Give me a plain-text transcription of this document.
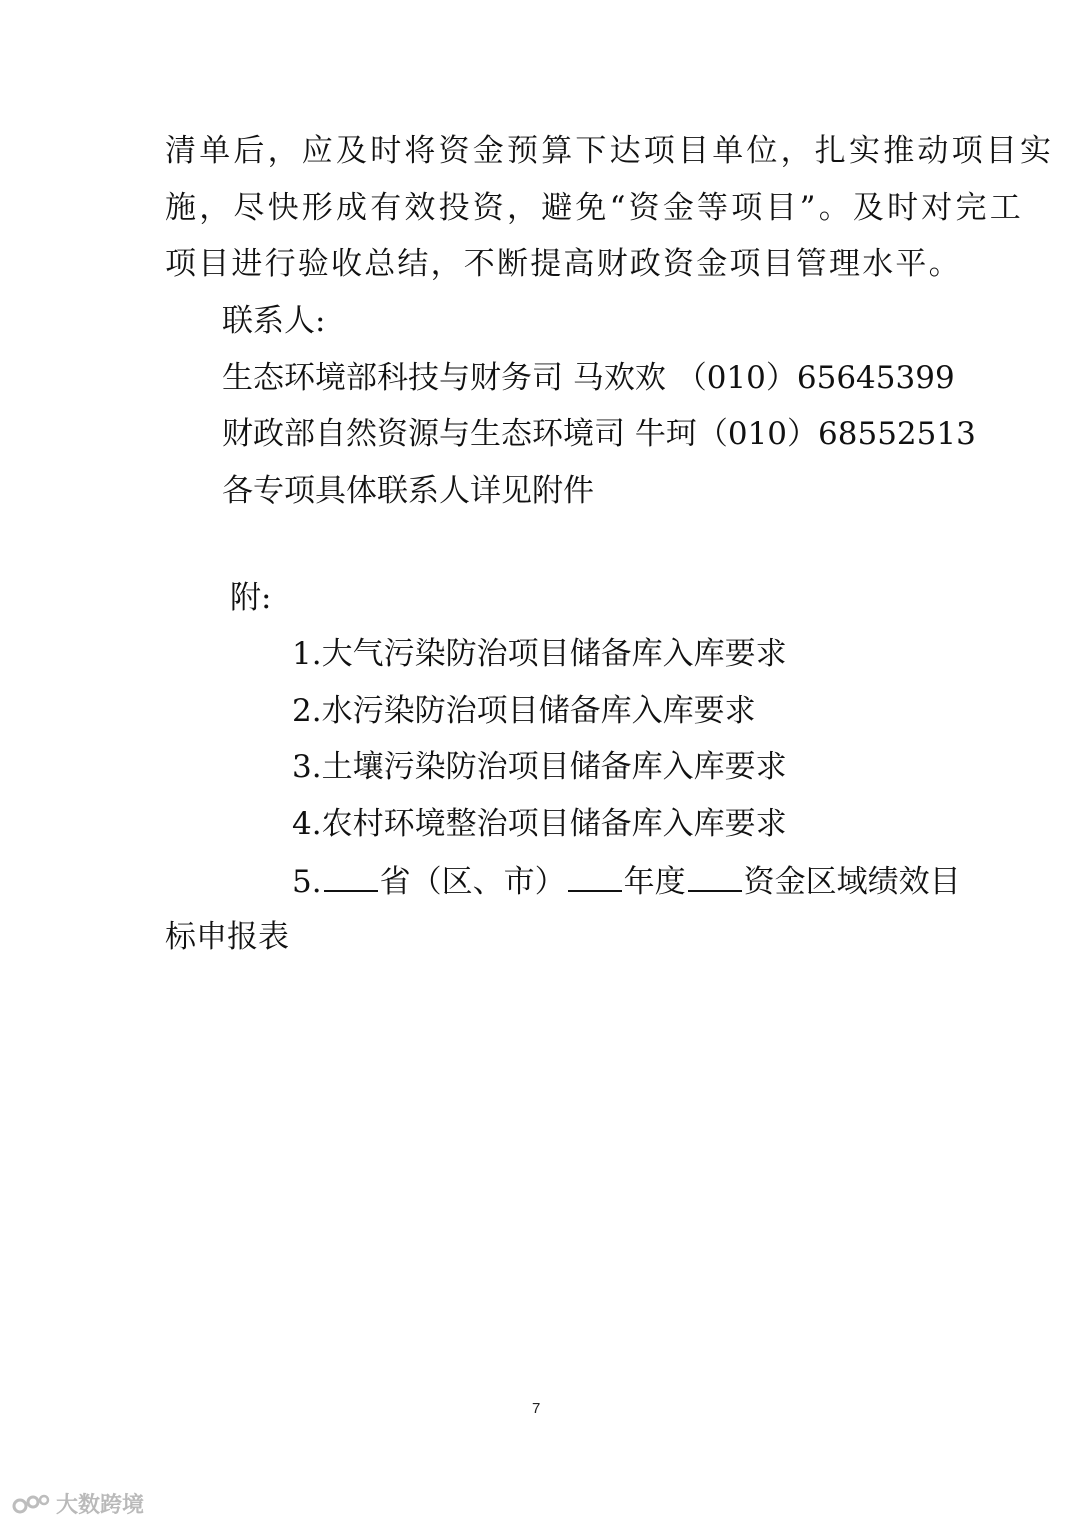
清单后，应及时将资金预算下达项目单位，扎实推动项目实
施，尽快形成有效投资，避免“资金等项目”。及时对完工
项目进行验收总结，不断提高财政资金项目管理水平。
联系人:
生态环境部科技与财务司 马欢欢 （010）65645399
财政部自然资源与生态环境司 牛珂（010）68552513
各专项具体联系人详见附件
附:
1.大气污染防治项目储备库入库要求
2.水污染防治项目储备库入库要求
3.土壤污染防治项目储备库入库要求
4.农村环境整治项目储备库入库要求
5. 省（区、市） 年度 资金区域绩效目
标申报表
7
大数跨境
